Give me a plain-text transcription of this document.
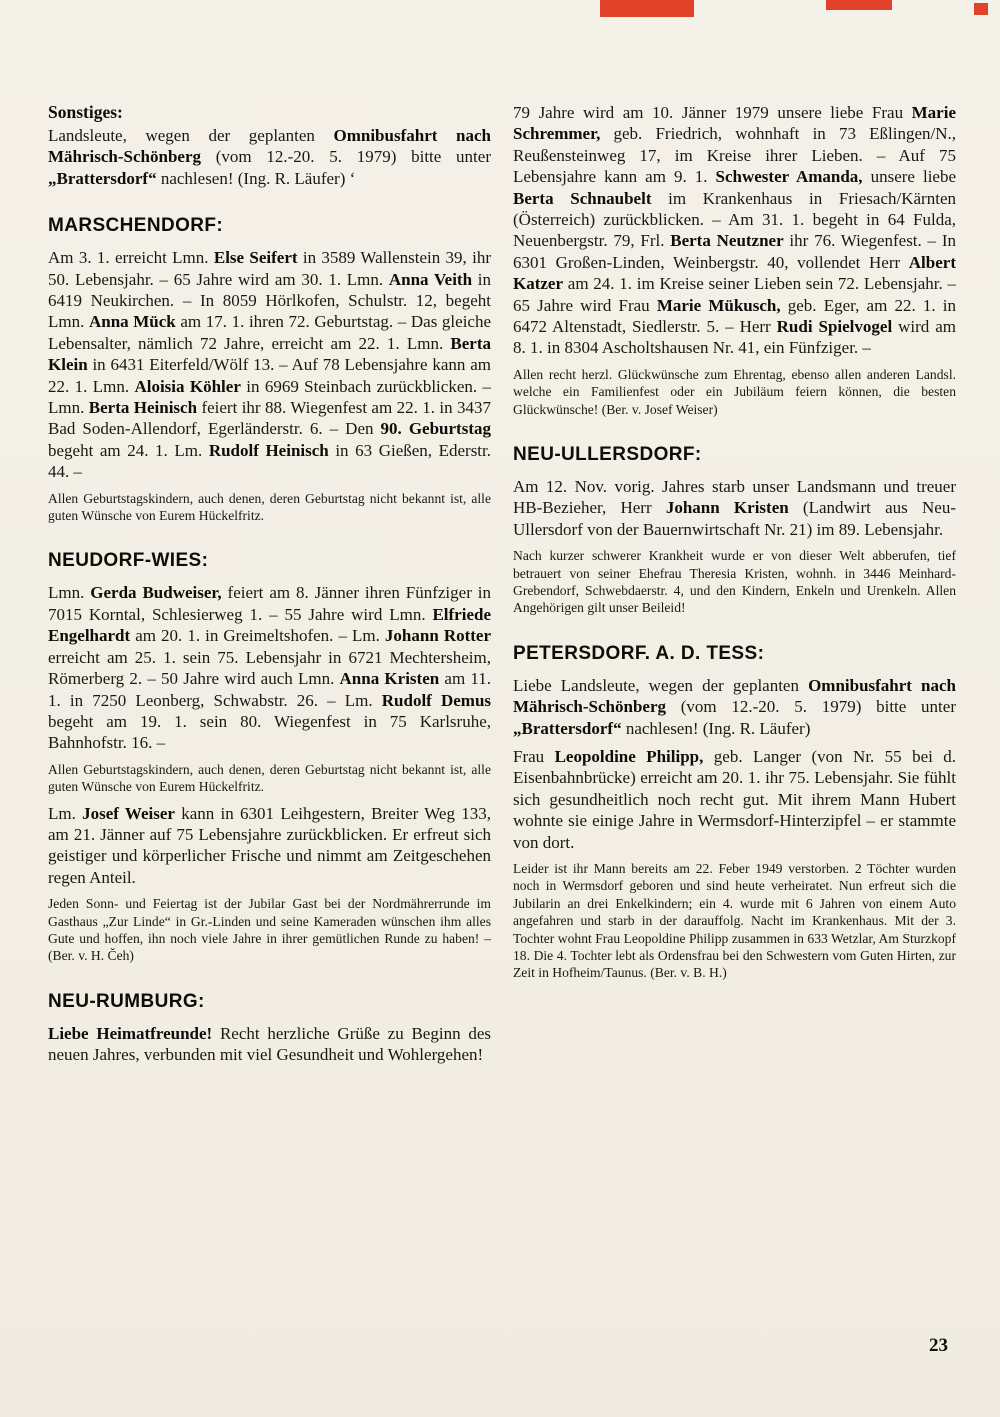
Sonstiges:

Landsleute, wegen der geplanten Omnibusfahrt nach Mährisch-Schönberg (vom 12.-20. 5. 1979) bitte unter „Brattersdorf“ nachlesen! (Ing. R. Läufer) ‘

MARSCHENDORF:

Am 3. 1. erreicht Lmn. Else Seifert in 3589 Wallenstein 39, ihr 50. Lebensjahr. – 65 Jahre wird am 30. 1. Lmn. Anna Veith in 6419 Neukirchen. – In 8059 Hörlkofen, Schulstr. 12, begeht Lmn. Anna Mück am 17. 1. ihren 72. Geburtstag. – Das gleiche Lebensalter, nämlich 72 Jahre, erreicht am 22. 1. Lmn. Berta Klein in 6431 Eiterfeld/Wölf 13. – Auf 78 Lebensjahre kann am 22. 1. Lmn. Aloisia Köhler in 6969 Steinbach zurückblicken. – Lmn. Berta Heinisch feiert ihr 88. Wiegenfest am 22. 1. in 3437 Bad Soden-Allendorf, Egerländerstr. 6. – Den 90. Geburtstag begeht am 24. 1. Lm. Rudolf Heinisch in 63 Gießen, Ederstr. 44. –

Allen Geburtstagskindern, auch denen, deren Geburtstag nicht bekannt ist, alle guten Wünsche von Eurem Hückelfritz.

NEUDORF-WIES:

Lmn. Gerda Budweiser, feiert am 8. Jänner ihren Fünfziger in 7015 Korntal, Schlesierweg 1. – 55 Jahre wird Lmn. Elfriede Engelhardt am 20. 1. in Greimeltshofen. – Lm. Johann Rotter erreicht am 25. 1. sein 75. Lebensjahr in 6721 Mechtersheim, Römerberg 2. – 50 Jahre wird auch Lmn. Anna Kristen am 11. 1. in 7250 Leonberg, Schwabstr. 26. – Lm. Rudolf Demus begeht am 19. 1. sein 80. Wiegenfest in 75 Karlsruhe, Bahnhofstr. 16. –

Allen Geburtstagskindern, auch denen, deren Geburtstag nicht bekannt ist, alle guten Wünsche von Eurem Hückelfritz.

Lm. Josef Weiser kann in 6301 Leihgestern, Breiter Weg 133, am 21. Jänner auf 75 Lebensjahre zurückblicken. Er erfreut sich geistiger und körperlicher Frische und nimmt am Zeitgeschehen regen Anteil.

Jeden Sonn- und Feiertag ist der Jubilar Gast bei der Nordmährerrunde im Gasthaus „Zur Linde“ in Gr.-Linden und seine Kameraden wünschen ihm alles Gute und hoffen, ihn noch viele Jahre in ihrer gemütlichen Runde zu haben! – (Ber. v. H. Čeh)

NEU-RUMBURG:

Liebe Heimatfreunde! Recht herzliche Grüße zu Beginn des neuen Jahres, verbunden mit viel Gesundheit und Wohlergehen!

79 Jahre wird am 10. Jänner 1979 unsere liebe Frau Marie Schremmer, geb. Friedrich, wohnhaft in 73 Eßlingen/N., Reußensteinweg 17, im Kreise ihrer Lieben. – Auf 75 Lebensjahre kann am 9. 1. Schwester Amanda, unsere liebe Berta Schnaubelt im Krankenhaus in Friesach/Kärnten (Österreich) zurückblicken. – Am 31. 1. begeht in 64 Fulda, Neuenbergstr. 79, Frl. Berta Neutzner ihr 76. Wiegenfest. – In 6301 Großen-Linden, Weinbergstr. 40, vollendet Herr Albert Katzer am 24. 1. im Kreise seiner Lieben sein 72. Lebensjahr. – 65 Jahre wird Frau Marie Mükusch, geb. Eger, am 22. 1. in 6472 Altenstadt, Siedlerstr. 5. – Herr Rudi Spielvogel wird am 8. 1. in 8304 Ascholtshausen Nr. 41, ein Fünfziger. –

Allen recht herzl. Glückwünsche zum Ehrentag, ebenso allen anderen Landsl. welche ein Familienfest oder ein Jubiläum feiern können, die besten Glückwünsche! (Ber. v. Josef Weiser)

NEU-ULLERSDORF:

Am 12. Nov. vorig. Jahres starb unser Landsmann und treuer HB-Bezieher, Herr Johann Kristen (Landwirt aus Neu-Ullersdorf von der Bauernwirtschaft Nr. 21) im 89. Lebensjahr.

Nach kurzer schwerer Krankheit wurde er von dieser Welt abberufen, tief betrauert von seiner Ehefrau Theresia Kristen, wohnh. in 3446 Meinhard-Grebendorf, Schwebdaerstr. 4, und den Kindern, Enkeln und Urenkeln. Allen Angehörigen gilt unser Beileid!

PETERSDORF. A. D. TESS:

Liebe Landsleute, wegen der geplanten Omnibusfahrt nach Mährisch-Schönberg (vom 12.-20. 5. 1979) bitte unter „Brattersdorf“ nachlesen! (Ing. R. Läufer)

Frau Leopoldine Philipp, geb. Langer (von Nr. 55 bei d. Eisenbahnbrücke) erreicht am 20. 1. ihr 75. Lebensjahr. Sie fühlt sich gesundheitlich noch recht gut. Mit ihrem Mann Hubert wohnte sie einige Jahre in Wermsdorf-Hinterzipfel – er stammte von dort.

Leider ist ihr Mann bereits am 22. Feber 1949 verstorben. 2 Töchter wurden noch in Wermsdorf geboren und sind heute verheiratet. Nun erfreut sich die Jubilarin an drei Enkelkindern; ein 4. wurde mit 6 Jahren von einem Auto angefahren und starb in der darauffolg. Nacht im Krankenhaus. Mit der 3. Tochter wohnt Frau Leopoldine Philipp zusammen in 633 Wetzlar, Am Sturzkopf 18. Die 4. Tochter lebt als Ordensfrau bei den Schwestern vom Guten Hirten, zur Zeit in Hofheim/Taunus. (Ber. v. B. H.)

23
